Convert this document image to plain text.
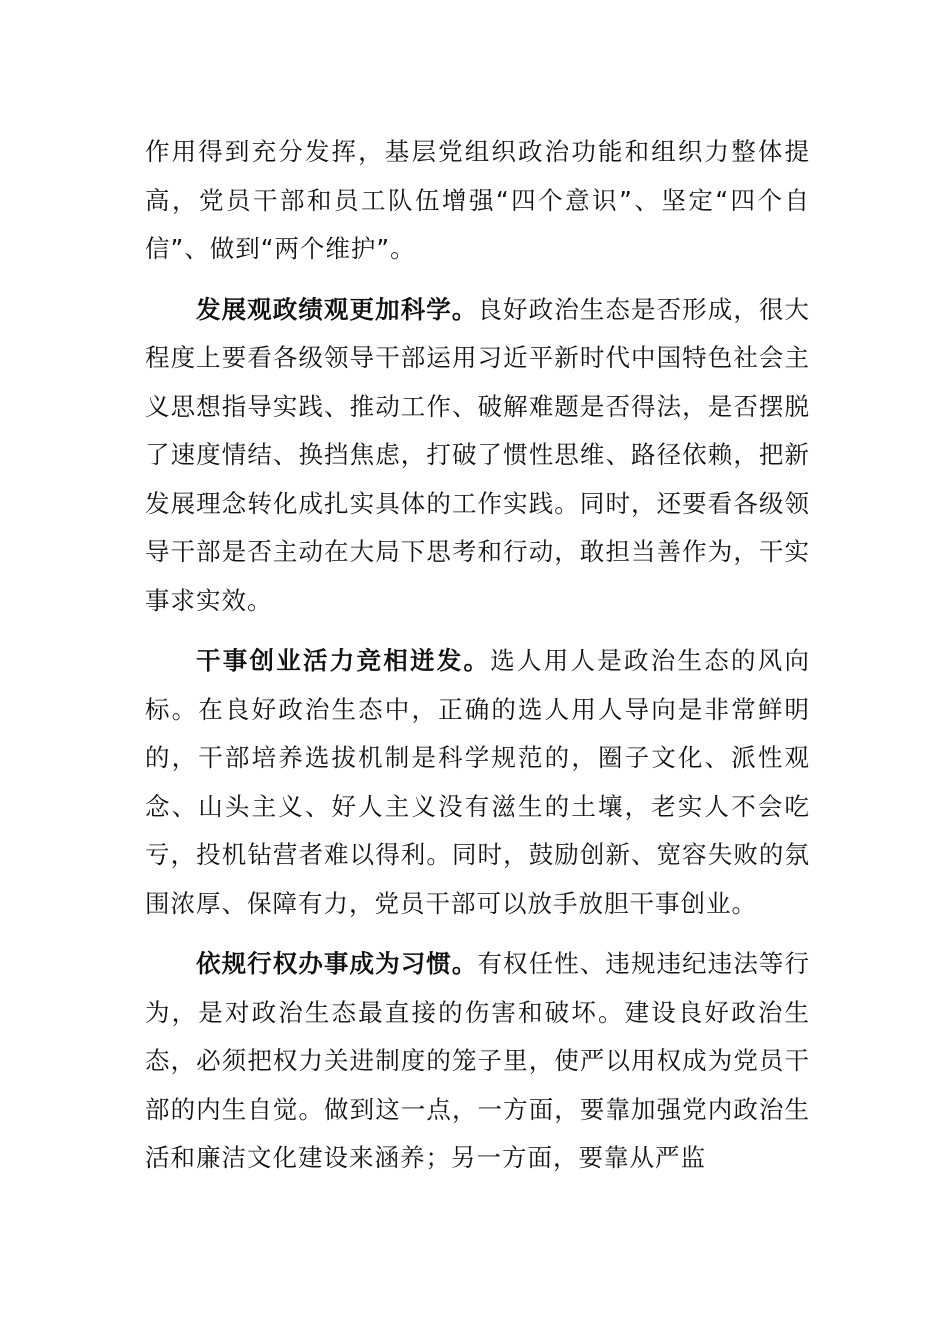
作用得到充分发挥，基层党组织政治功能和组织力整体提高，党员干部和员工队伍增强“四个意识”、坚定“四个自信”、做到“两个维护”。

发展观政绩观更加科学。良好政治生态是否形成，很大程度上要看各级领导干部运用习近平新时代中国特色社会主义思想指导实践、推动工作、破解难题是否得法，是否摆脱了速度情结、换挡焦虑，打破了惯性思维、路径依赖，把新发展理念转化成扎实具体的工作实践。同时，还要看各级领导干部是否主动在大局下思考和行动，敢担当善作为，干实事求实效。

干事创业活力竞相迸发。选人用人是政治生态的风向标。在良好政治生态中，正确的选人用人导向是非常鲜明的，干部培养选拔机制是科学规范的，圈子文化、派性观念、山头主义、好人主义没有滋生的土壤，老实人不会吃亏，投机钻营者难以得利。同时，鼓励创新、宽容失败的氛围浓厚、保障有力，党员干部可以放手放胆干事创业。

依规行权办事成为习惯。有权任性、违规违纪违法等行为，是对政治生态最直接的伤害和破坏。建设良好政治生态，必须把权力关进制度的笼子里，使严以用权成为党员干部的内生自觉。做到这一点，一方面，要靠加强党内政治生活和廉洁文化建设来涵养；另一方面，要靠从严监
